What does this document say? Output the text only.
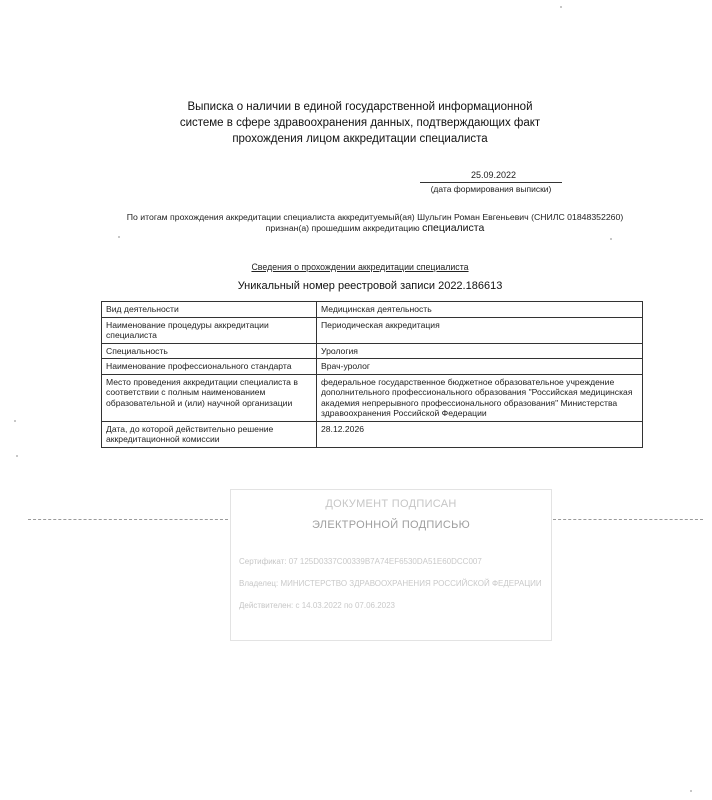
Выписка о наличии в единой государственной информационной
системе в сфере здравоохранения данных, подтверждающих факт
прохождения лицом аккредитации специалиста
25.09.2022
(дата формирования выписки)
По итогам прохождения аккредитации специалиста аккредитуемый(ая) Шульгин Роман Евгеньевич (СНИЛС 01848352260)
признан(а) прошедшим аккредитацию специалиста
Сведения о прохождении аккредитации специалиста
Уникальный номер реестровой записи 2022.186613
Вид деятельности	Медицинская деятельность
Наименование процедуры аккредитации специалиста	Периодическая аккредитация
Специальность	Урология
Наименование профессионального стандарта	Врач-уролог
Место проведения аккредитации специалиста в соответствии с полным наименованием образовательной и (или) научной организации	федеральное государственное бюджетное образовательное учреждение дополнительного профессионального образования "Российская медицинская академия непрерывного профессионального образования" Министерства здравоохранения Российской Федерации
Дата, до которой действительно решение аккредитационной комиссии	28.12.2026
ДОКУМЕНТ ПОДПИСАН
ЭЛЕКТРОННОЙ ПОДПИСЬЮ
Сертификат: 07 125D0337C00339B7A74EF6530DA51E60DCC007
Владелец: МИНИСТЕРСТВО ЗДРАВООХРАНЕНИЯ РОССИЙСКОЙ ФЕДЕРАЦИИ
Действителен: с 14.03.2022 по 07.06.2023
